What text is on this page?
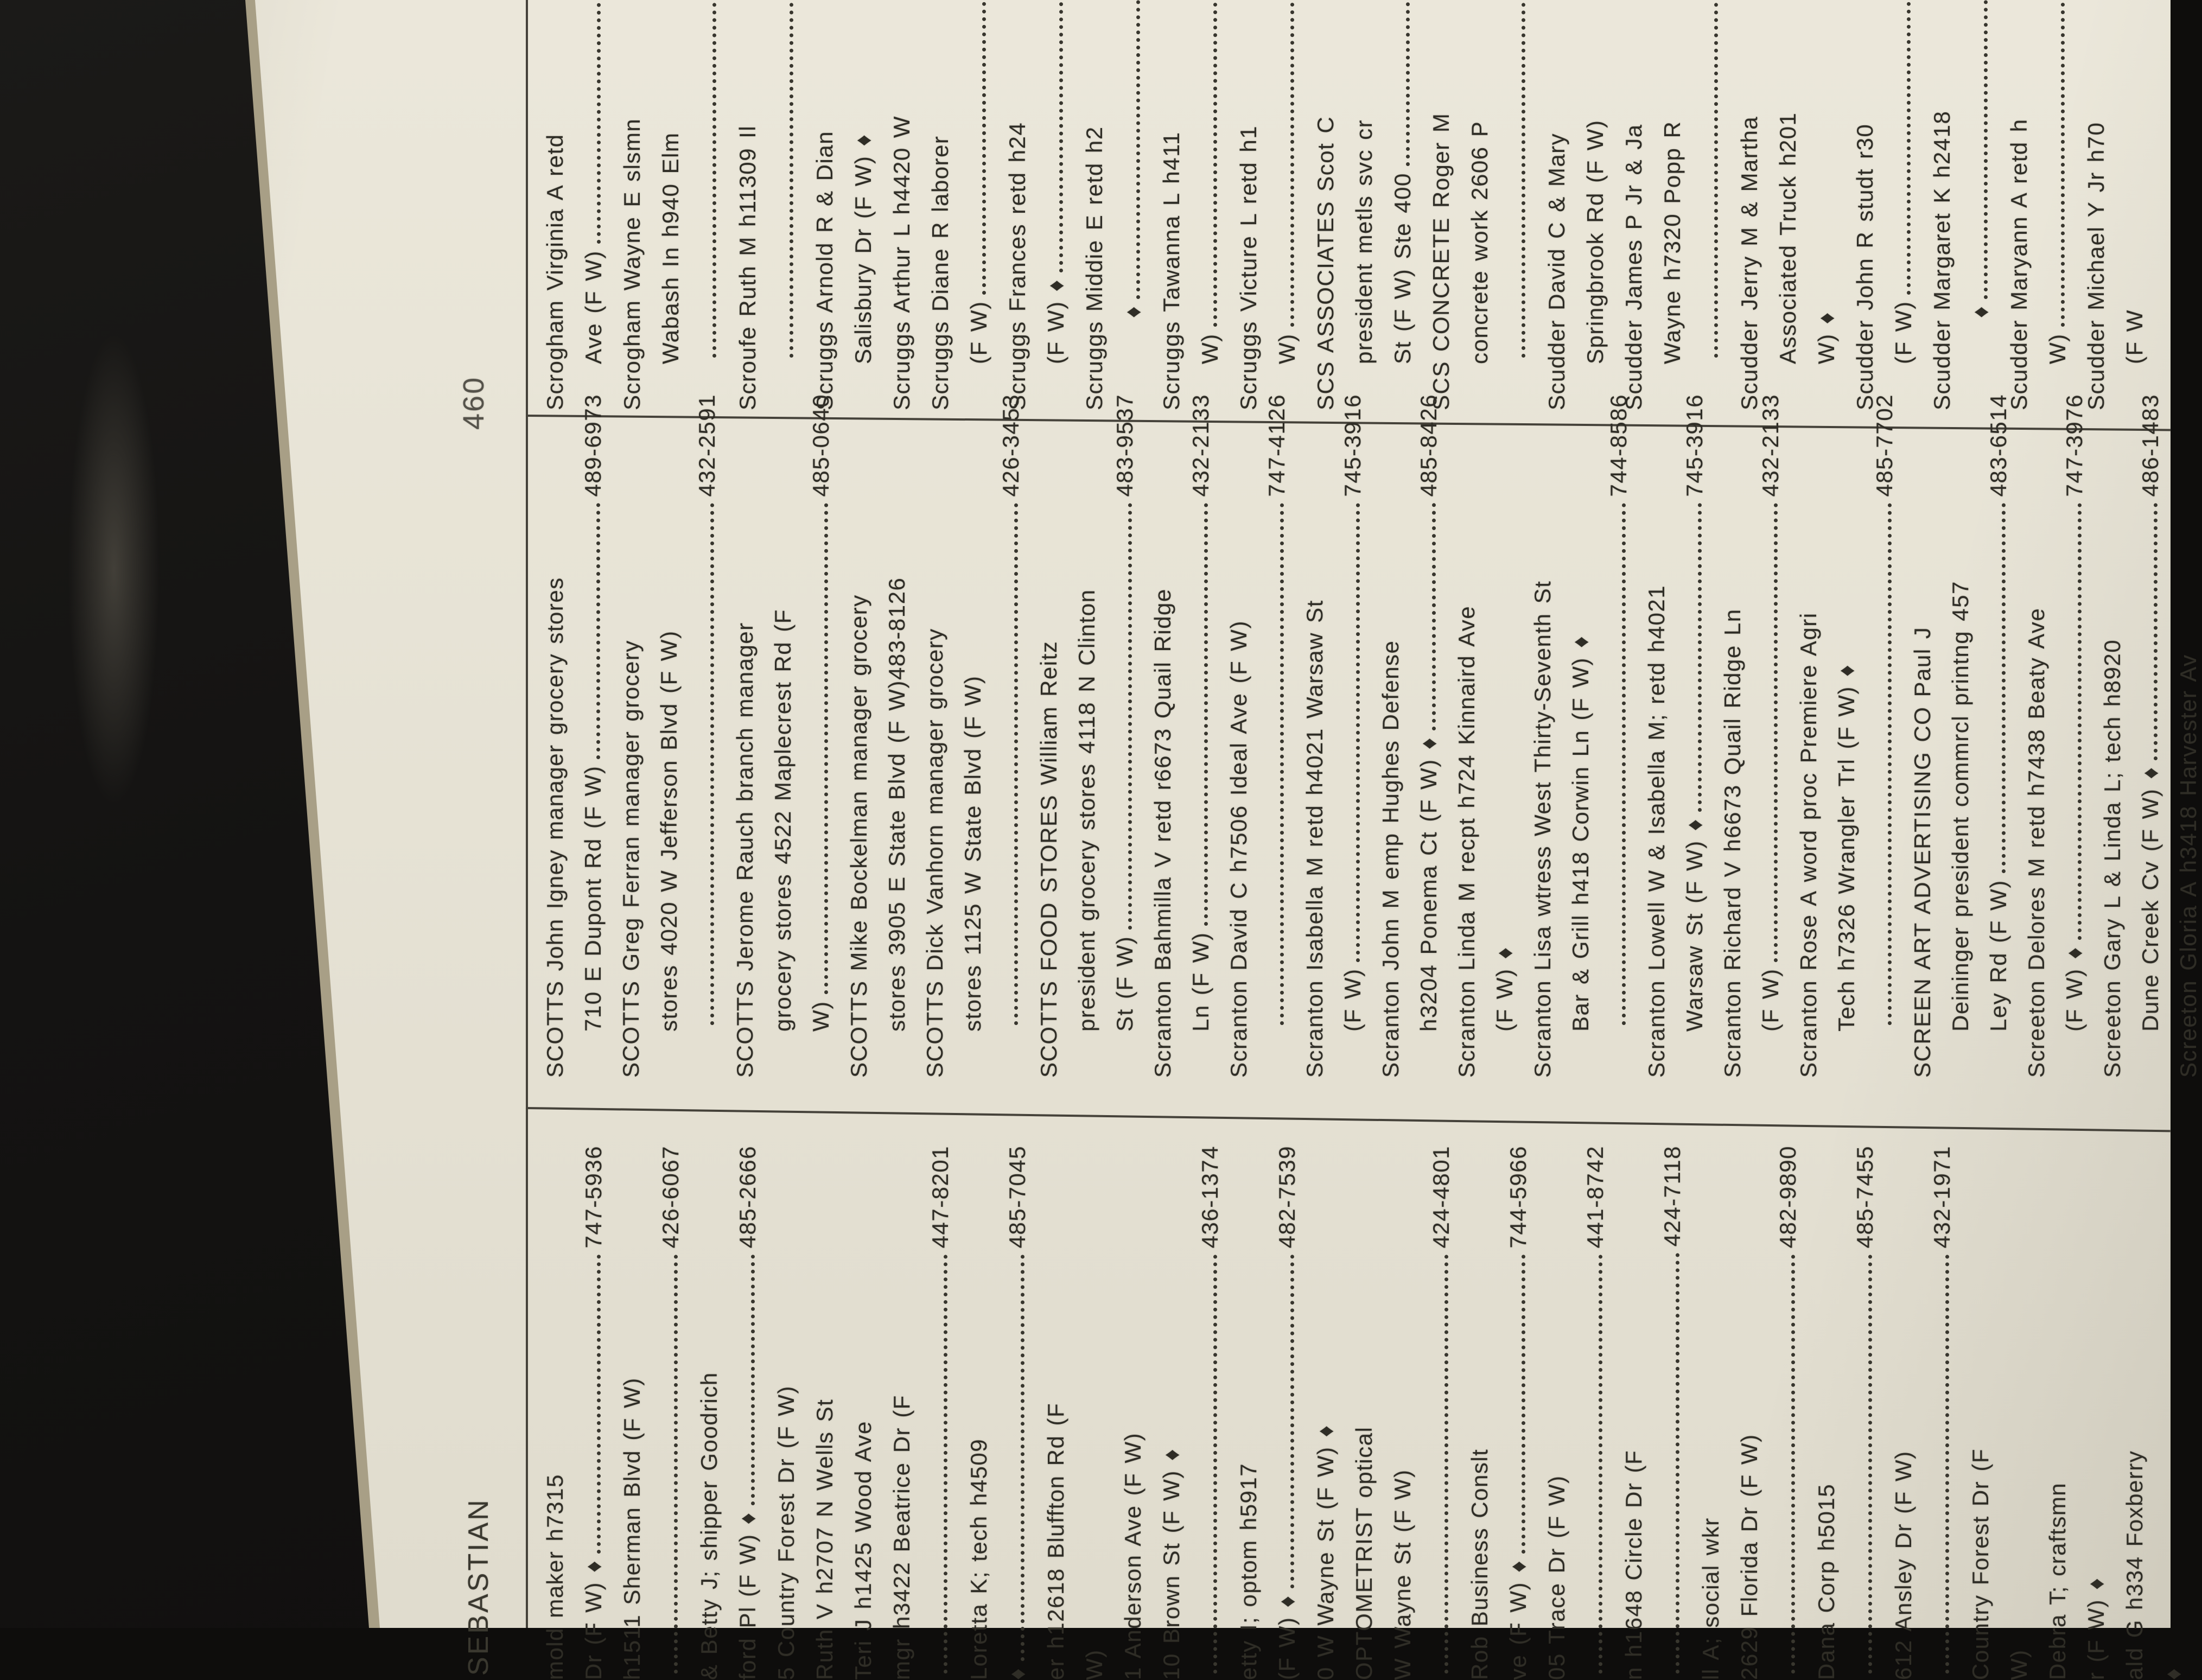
460
SEBASTIAN
Scrogham Virginia A retd Ave (F W) Scrogham Wayne E slsmn Wabash In h940 Elm Scroufe Ruth M h11309 Il Scruggs Arnold R & Dian Salisbury Dr (F W) ♦ Scruggs Arthur L h4420 W Scruggs Diane R laborer (F W) Scruggs Frances retd h24 (F W) ♦ Scruggs Middie E retd h2 ♦ Scruggs Tawanna L h411 W) Scruggs Victure L retd h1 W) SCS ASSOCIATES Scot C president metls svc cr St (F W) Ste 400 SCS CONCRETE Roger M concrete work 2606 P Scudder David C & Mary Springbrook Rd (F W) Scudder James P Jr & Ja Wayne h7320 Popp R Scudder Jerry M & Martha Associated Truck h201 W) ♦ Scudder John R studt r30 (F W) Scudder Margaret K h2418 ♦ Scudder Maryann A retd h W) Scudder Michael Y Jr h70 (F W
SCOTTS John Igney manager grocery stores 710 E Dupont Rd (F W)
489-6973
SCOTTS Greg Ferran manager grocery stores 4020 W Jefferson Blvd (F W)
432-2591
SCOTTS Jerome Rauch branch manager grocery stores 4522 Maplecrest Rd (F W)
485-0640
SCOTTS Mike Bockelman manager grocery stores 3905 E State Blvd (F W)
483-8126 SCOTTS Dick Vanhorn manager grocery stores 1125 W State Blvd (F W)
426-3453
SCOTTS FOOD STORES William Reitz president grocery stores 4118 N Clinton St (F W)
483-9537
Scranton Bahmilla V retd r6673 Quail Ridge Ln (F W)
432-2133
Scranton David C h7506 Ideal Ave (F W)
747-4126
Scranton Isabella M retd h4021 Warsaw St (F W)
745-3916
Scranton John M emp Hughes Defense h3204 Ponema Ct (F W) ♦
485-8426
Scranton Linda M recpt h724 Kinnaird Ave (F W) ♦ Scranton Lisa wtress West Thirty-Seventh St Bar & Grill h418 Corwin Ln (F W) ♦
744-8586
Scranton Lowell W & Isabella M; retd h4021 Warsaw St (F W) ♦
745-3916
Scranton Richard V h6673 Quail Ridge Ln (F W)
432-2133
Scranton Rose A word proc Premiere Agri Tech h7326 Wrangler Trl (F W) ♦
485-7702
SCREEN ART ADVERTISING CO Paul J Deininger president commrcl printng 457 Ley Rd (F W)
483-6514
Screeton Delores M retd h7438 Beaty Ave (F W) ♦
747-3976
Screeton Gary L & Linda L; tech h8920 Dune Creek Cv (F W) ♦
486-1483
Screeton Gloria A h3418 Harvester Av
mold maker h7315 Dr (F W) ♦
747-5936
h1511 Sherman Blvd (F W)
426-6067
& Betty J; shipper Goodrich ford Pl (F W) ♦
485-2666
5 Country Forest Dr (F W) Ruth V h2707 N Wells St Teri J h1425 Wood Ave mgr h3422 Beatrice Dr (F
447-8201
Loretta K; tech h4509 ♦
485-7045
er h12618 Bluffton Rd (F W) 1 Anderson Ave (F W) 10 Brown St (F W) ♦
436-1374
etty I; optom h5917 (F W) ♦
482-7539
0 W Wayne St (F W) ♦ OPTOMETRIST optical W Wayne St (F W)
424-4801
Rob Business Conslt ve (F W) ♦
744-5966
05 Trace Dr (F W)
441-8742
n h1648 Circle Dr (F
424-7118
ll A; social wkr 2629 Florida Dr (F W)
482-9890
Dana Corp h5015
485-7455
612 Ansley Dr (F W)
432-1971
Country Forest Dr (F W) Debra T; craftsmn r (F W) ♦ ald G h334 Foxberry ♦
